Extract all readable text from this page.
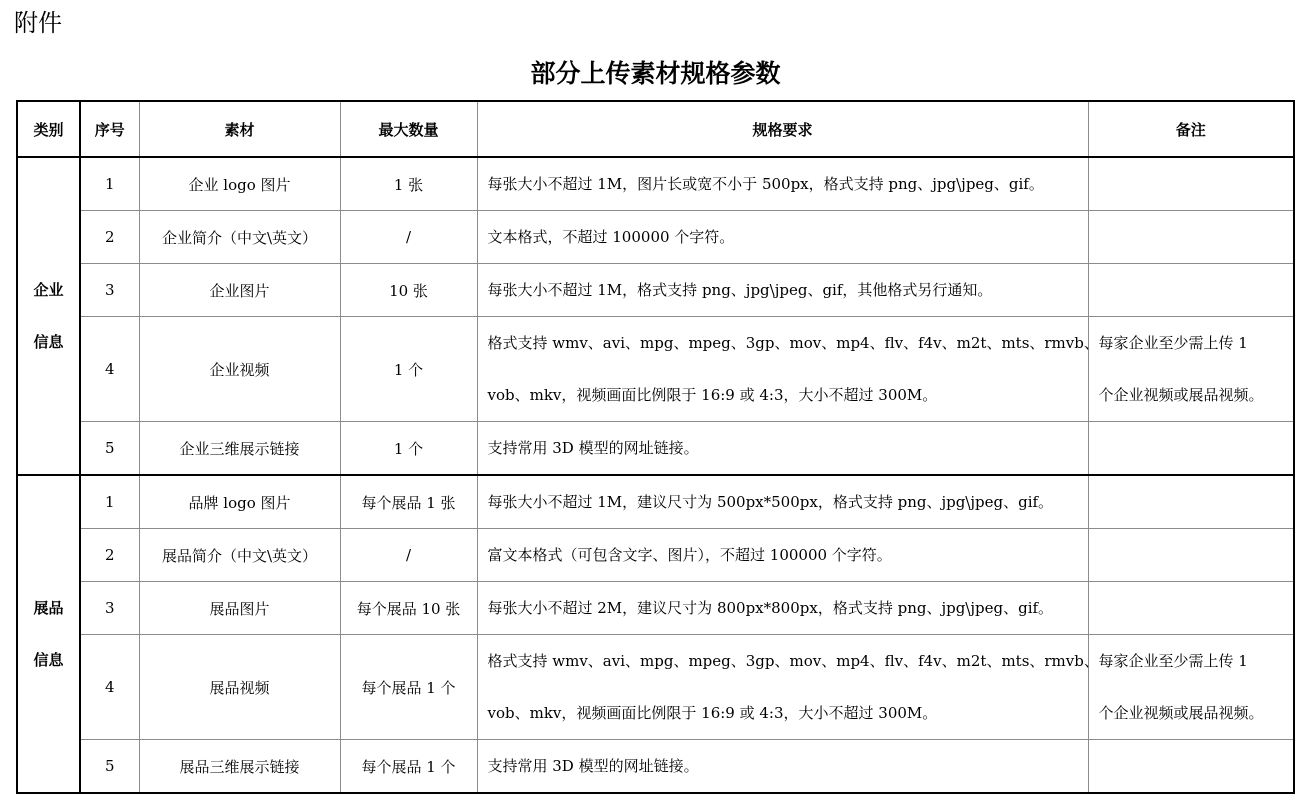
附件
部分上传素材规格参数
类别	序号	素材	最大数量	规格要求	备注

企业
信息	1	企业 logo 图片	1 张	每张大小不超过 1M，图片长或宽不小于 500px，格式支持 png、jpg\jpeg、gif。	

	2	企业简介（中文\英文）	/	文本格式，不超过 100000 个字符。	

	3	企业图片	10 张	每张大小不超过 1M，格式支持 png、jpg\jpeg、gif，其他格式另行通知。	

	4	企业视频	1 个	格式支持 wmv、avi、mpg、mpeg、3gp、mov、mp4、flv、f4v、m2t、mts、rmvb、
vob、mkv，视频画面比例限于 16:9 或 4:3，大小不超过 300M。	每家企业至少需上传 1
个企业视频或展品视频。

	5	企业三维展示链接	1 个	支持常用 3D 模型的网址链接。	

展品
信息	1	品牌 logo 图片	每个展品 1 张	每张大小不超过 1M，建议尺寸为 500px*500px，格式支持 png、jpg\jpeg、gif。	

	2	展品简介（中文\英文）	/	富文本格式（可包含文字、图片），不超过 100000 个字符。	

	3	展品图片	每个展品 10 张	每张大小不超过 2M，建议尺寸为 800px*800px，格式支持 png、jpg\jpeg、gif。	

	4	展品视频	每个展品 1 个	格式支持 wmv、avi、mpg、mpeg、3gp、mov、mp4、flv、f4v、m2t、mts、rmvb、
vob、mkv，视频画面比例限于 16:9 或 4:3，大小不超过 300M。	每家企业至少需上传 1
个企业视频或展品视频。

	5	展品三维展示链接	每个展品 1 个	支持常用 3D 模型的网址链接。	
